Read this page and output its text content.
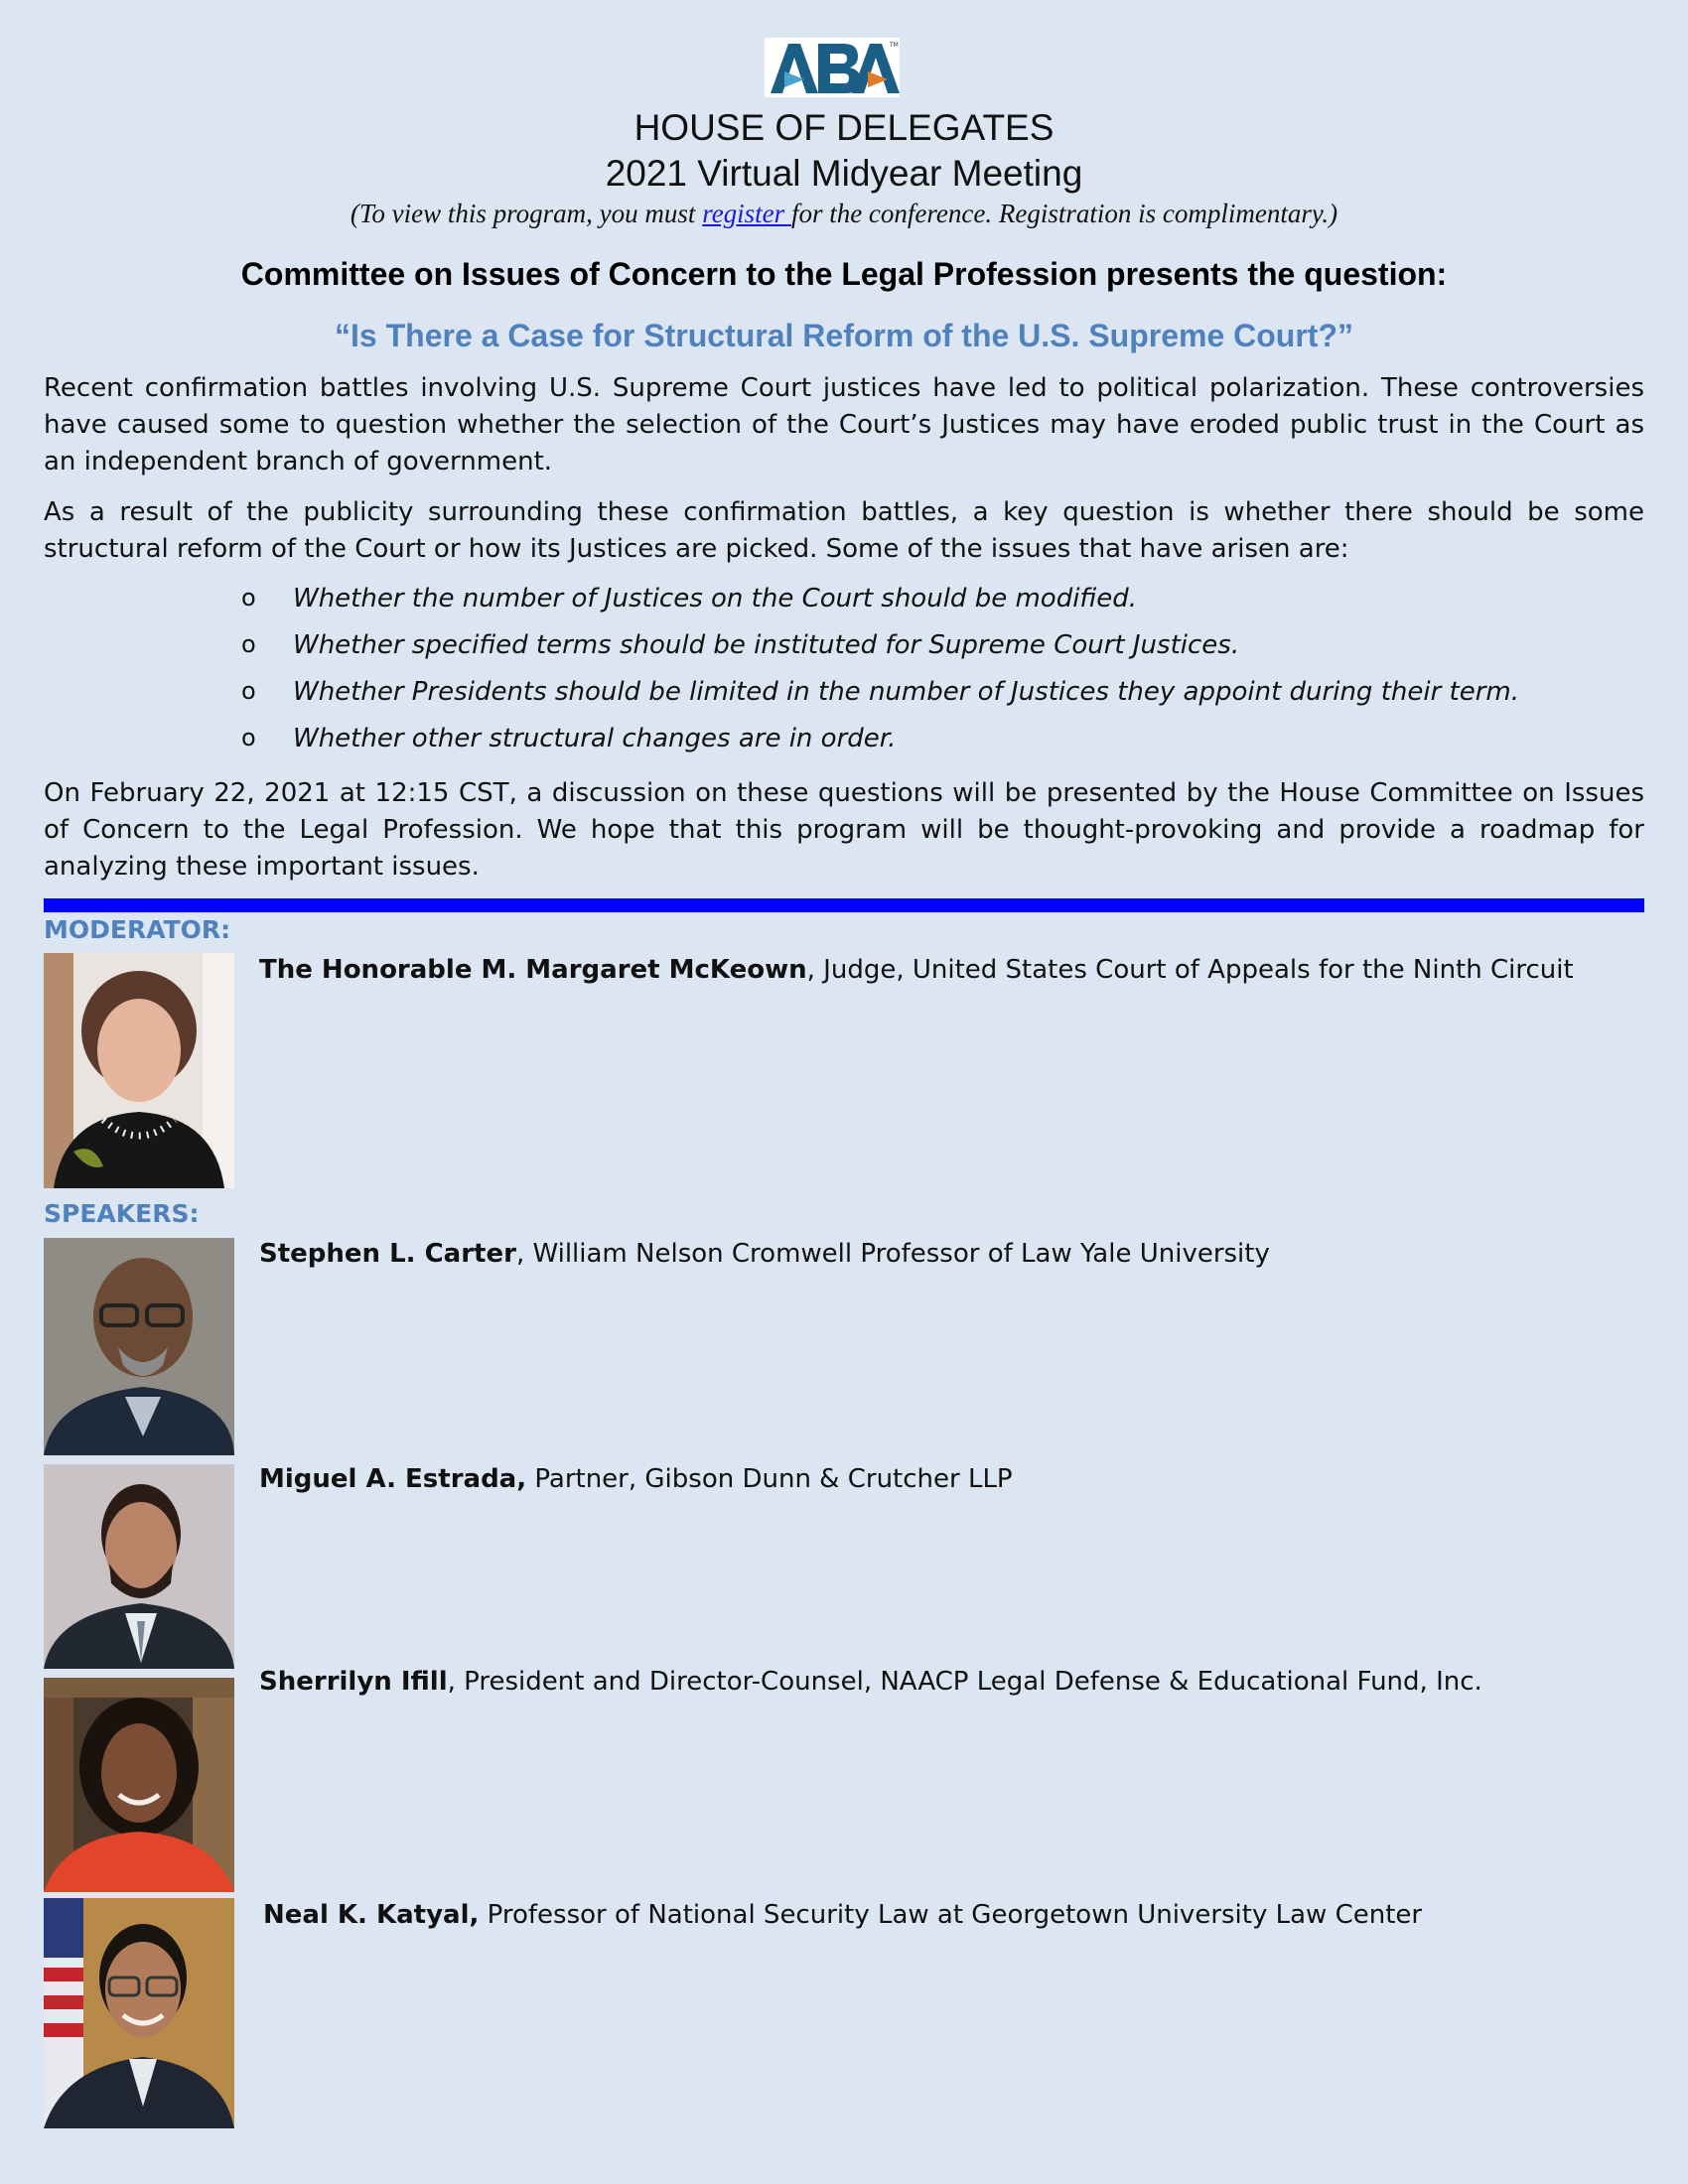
TM
HOUSE OF DELEGATES
2021 Virtual Midyear Meeting
(To view this program, you must register for the conference. Registration is complimentary.)
Committee on Issues of Concern to the Legal Profession presents the question:
“Is There a Case for Structural Reform of the U.S. Supreme Court?”
Recent confirmation battles involving U.S. Supreme Court justices have led to political polarization. These controversies have caused some to question whether the selection of the Court’s Justices may have eroded public trust in the Court as an independent branch of government.
As a result of the publicity surrounding these confirmation battles, a key question is whether there should be some structural reform of the Court or how its Justices are picked. Some of the issues that have arisen are:
o Whether the number of Justices on the Court should be modified.
o Whether specified terms should be instituted for Supreme Court Justices.
o Whether Presidents should be limited in the number of Justices they appoint during their term.
o Whether other structural changes are in order.
On February 22, 2021 at 12:15 CST, a discussion on these questions will be presented by the House Committee on Issues of Concern to the Legal Profession. We hope that this program will be thought-provoking and provide a roadmap for analyzing these important issues.
MODERATOR:
The Honorable M. Margaret McKeown, Judge, United States Court of Appeals for the Ninth Circuit
SPEAKERS:
Stephen L. Carter, William Nelson Cromwell Professor of Law Yale University
Miguel A. Estrada, Partner, Gibson Dunn & Crutcher LLP
Sherrilyn Ifill, President and Director-Counsel, NAACP Legal Defense & Educational Fund, Inc.
Neal K. Katyal, Professor of National Security Law at Georgetown University Law Center
